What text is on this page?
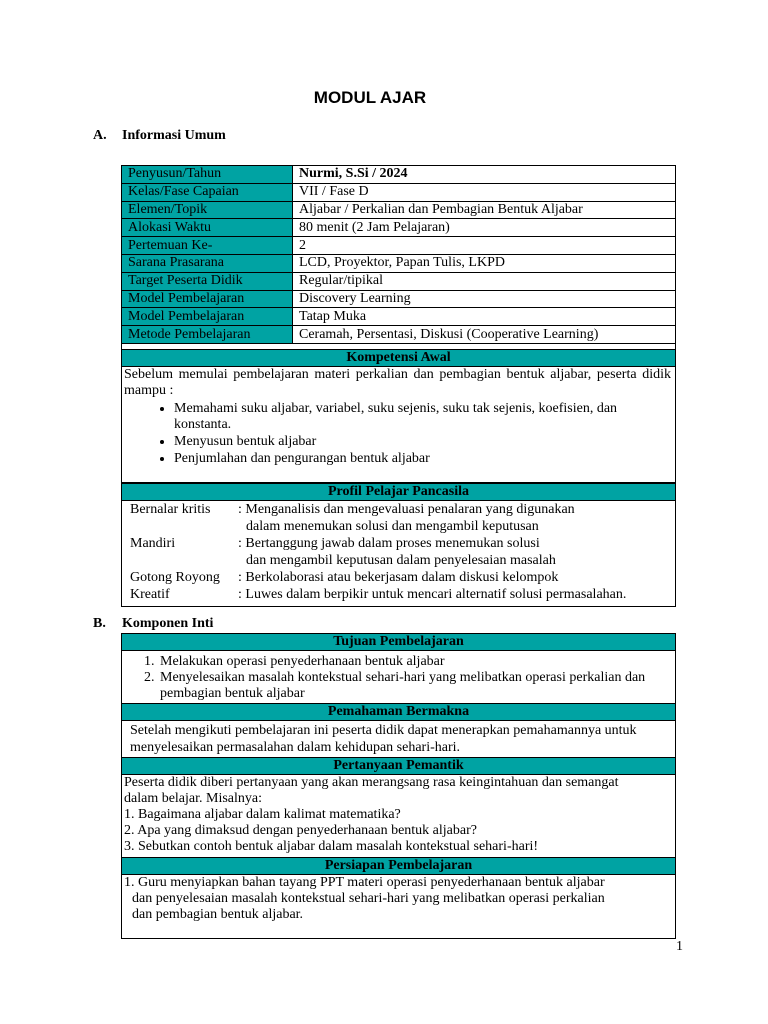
MODUL AJAR
A. Informasi Umum
Penyusun/Tahun	Nurmi, S.Si / 2024
Kelas/Fase Capaian	VII / Fase D
Elemen/Topik	Aljabar / Perkalian dan Pembagian Bentuk Aljabar
Alokasi Waktu	80 menit (2 Jam Pelajaran)
Pertemuan Ke-	2
Sarana Prasarana	LCD, Proyektor, Papan Tulis, LKPD
Target Peserta Didik	Regular/tipikal
Model Pembelajaran	Discovery Learning
Model Pembelajaran	Tatap Muka
Metode Pembelajaran	Ceramah, Persentasi, Diskusi (Cooperative Learning)

Kompetensi Awal
Sebelum memulai pembelajaran materi perkalian dan pembagian bentuk aljabar, peserta didik mampu :
• Memahami suku aljabar, variabel, suku sejenis, suku tak sejenis, koefisien, dan konstanta.
• Menyusun bentuk aljabar
• Penjumlahan dan pengurangan bentuk aljabar
Profil Pelajar Pancasila
Bernalar kritis	: Menganalisis dan mengevaluasi penalaran yang digunakan
dalam menemukan solusi dan mengambil keputusan
Mandiri	: Bertanggung jawab dalam proses menemukan solusi
dan mengambil keputusan dalam penyelesaian masalah
Gotong Royong	: Berkolaborasi atau bekerjasam dalam diskusi kelompok
Kreatif	: Luwes dalam berpikir untuk mencari alternatif solusi permasalahan.
B. Komponen Inti
Tujuan Pembelajaran
1. Melakukan operasi penyederhanaan bentuk aljabar
2. Menyelesaikan masalah kontekstual sehari-hari yang melibatkan operasi perkalian dan pembagian bentuk aljabar
Pemahaman Bermakna
Setelah mengikuti pembelajaran ini peserta didik dapat menerapkan pemahamannya untuk menyelesaikan permasalahan dalam kehidupan sehari-hari.
Pertanyaan Pemantik
Peserta didik diberi pertanyaan yang akan merangsang rasa keingintahuan dan semangat
dalam belajar. Misalnya:
1. Bagaimana aljabar dalam kalimat matematika?
2. Apa yang dimaksud dengan penyederhanaan bentuk aljabar?
3. Sebutkan contoh bentuk aljabar dalam masalah kontekstual sehari-hari!
Persiapan Pembelajaran
1. Guru menyiapkan bahan tayang PPT materi operasi penyederhanaan bentuk aljabar
dan penyelesaian masalah kontekstual sehari-hari yang melibatkan operasi perkalian
dan pembagian bentuk aljabar.
1
